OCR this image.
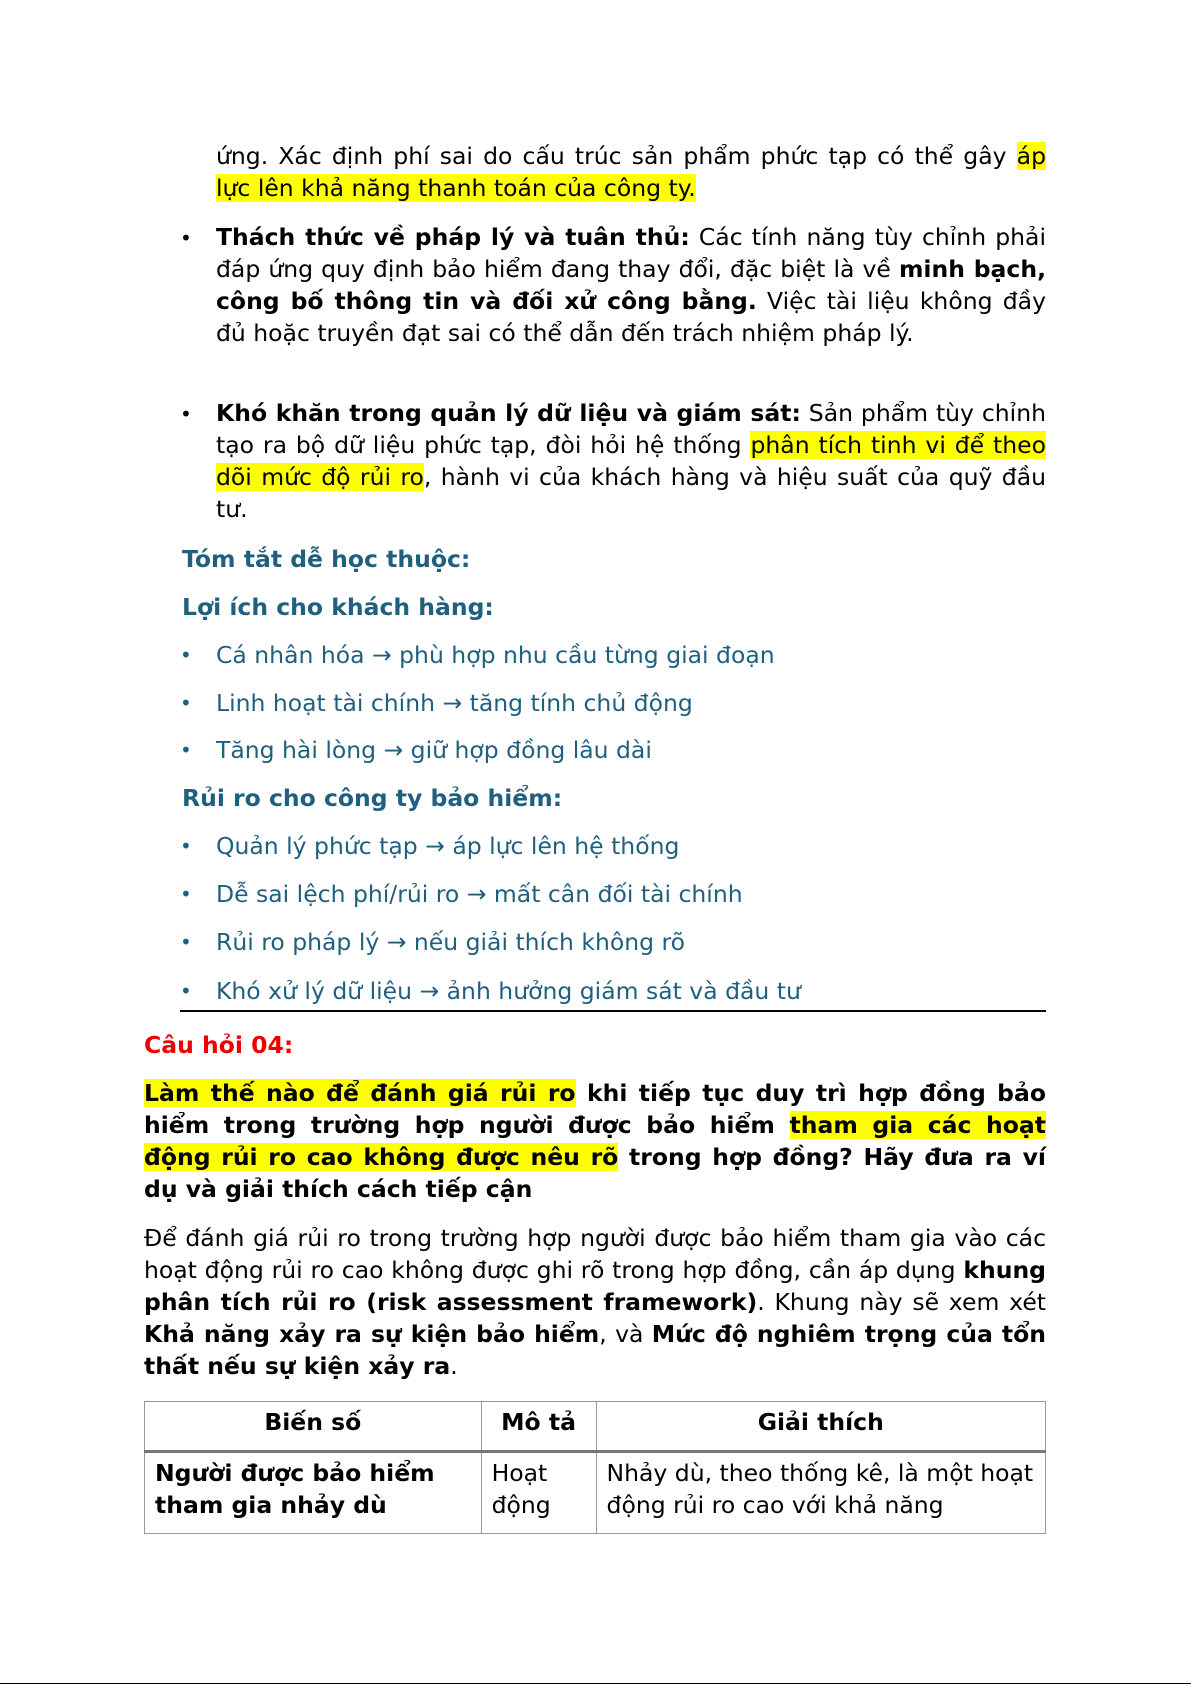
ứng. Xác định phí sai do cấu trúc sản phẩm phức tạp có thể gây áp lực lên khả năng thanh toán của công ty.
• Thách thức về pháp lý và tuân thủ: Các tính năng tùy chỉnh phải đáp ứng quy định bảo hiểm đang thay đổi, đặc biệt là về minh bạch, công bố thông tin và đối xử công bằng. Việc tài liệu không đầy đủ hoặc truyền đạt sai có thể dẫn đến trách nhiệm pháp lý.
• Khó khăn trong quản lý dữ liệu và giám sát: Sản phẩm tùy chỉnh tạo ra bộ dữ liệu phức tạp, đòi hỏi hệ thống phân tích tinh vi để theo dõi mức độ rủi ro, hành vi của khách hàng và hiệu suất của quỹ đầu tư.
Tóm tắt dễ học thuộc:
Lợi ích cho khách hàng:
• Cá nhân hóa → phù hợp nhu cầu từng giai đoạn
• Linh hoạt tài chính → tăng tính chủ động
• Tăng hài lòng → giữ hợp đồng lâu dài
Rủi ro cho công ty bảo hiểm:
• Quản lý phức tạp → áp lực lên hệ thống
• Dễ sai lệch phí/rủi ro → mất cân đối tài chính
• Rủi ro pháp lý → nếu giải thích không rõ
• Khó xử lý dữ liệu → ảnh hưởng giám sát và đầu tư
Câu hỏi 04:
Làm thế nào để đánh giá rủi ro khi tiếp tục duy trì hợp đồng bảo hiểm trong trường hợp người được bảo hiểm tham gia các hoạt động rủi ro cao không được nêu rõ trong hợp đồng? Hãy đưa ra ví dụ và giải thích cách tiếp cận
Để đánh giá rủi ro trong trường hợp người được bảo hiểm tham gia vào các hoạt động rủi ro cao không được ghi rõ trong hợp đồng, cần áp dụng khung phân tích rủi ro (risk assessment framework). Khung này sẽ xem xét Khả năng xảy ra sự kiện bảo hiểm, và Mức độ nghiêm trọng của tổn thất nếu sự kiện xảy ra.
Biến số	Mô tả	Giải thích
Người được bảo hiểm tham gia nhảy dù	Hoạt động	Nhảy dù, theo thống kê, là một hoạt động rủi ro cao với khả năng
